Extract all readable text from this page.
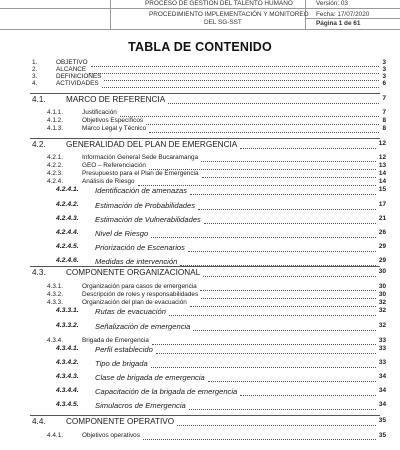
PROCESO DE GESTIÓN DEL TALENTO HUMANO	Versión: 03
PROCEDIMIENTO IMPLEMENTACIÓN Y MONITOREO
DEL SG-SST
Fecha: 17/07/2020
Página 1 de 61
TABLA DE CONTENIDO
1.	OBJETIVO	3
2.	ALCANCE	3
3.	DEFINICIONES	3
4.	ACTIVIDADES	6
4.1. MARCO DE REFERENCIA	7
4.1.1.	Justificación	7
4.1.2.	Objetivos Específicos	8
4.1.3.	Marco Legal y Técnico	8
4.2. GENERALIDAD DEL PLAN DE EMERGENCIA	12
4.2.1.	Información General Sede Bucaramanga	12
4.2.2.	GEO – Referenciación	13
4.2.3.	Presupuesto para el Plan de Emergencia	14
4.2.4.	Análisis de Riesgo	14
4.2.4.1. Identificación de amenazas	15
4.2.4.2. Estimación de Probabilidades	17
4.2.4.3. Estimación de Vulnerabilidades	21
4.2.4.4. Nivel de Riesgo	26
4.2.4.5. Priorización de Escenarios	29
4.2.4.6. Medidas de intervención	29
4.3. COMPONENTE ORGANIZACIONAL	30
4.3.1.	Organización para casos de emergencia	30
4.3.2.	Descripción de roles y responsabilidades	30
4.3.3.	Organización del plan de evacuación	32
4.3.3.1. Rutas de evacuación	32
4.3.3.2. Señalización de emergencia	32
4.3.4.	Brigada de Emergencia	33
4.3.4.1. Perfil establecido	33
4.3.4.2. Tipo de brigada	33
4.3.4.3. Clase de brigada de emergencia	34
4.3.4.4. Capacitación de la brigada de emergencia	34
4.3.4.5. Simulacros de Emergencia	34
4.4. COMPONENTE OPERATIVO	35
4.4.1.	Objetivos operativos	35
